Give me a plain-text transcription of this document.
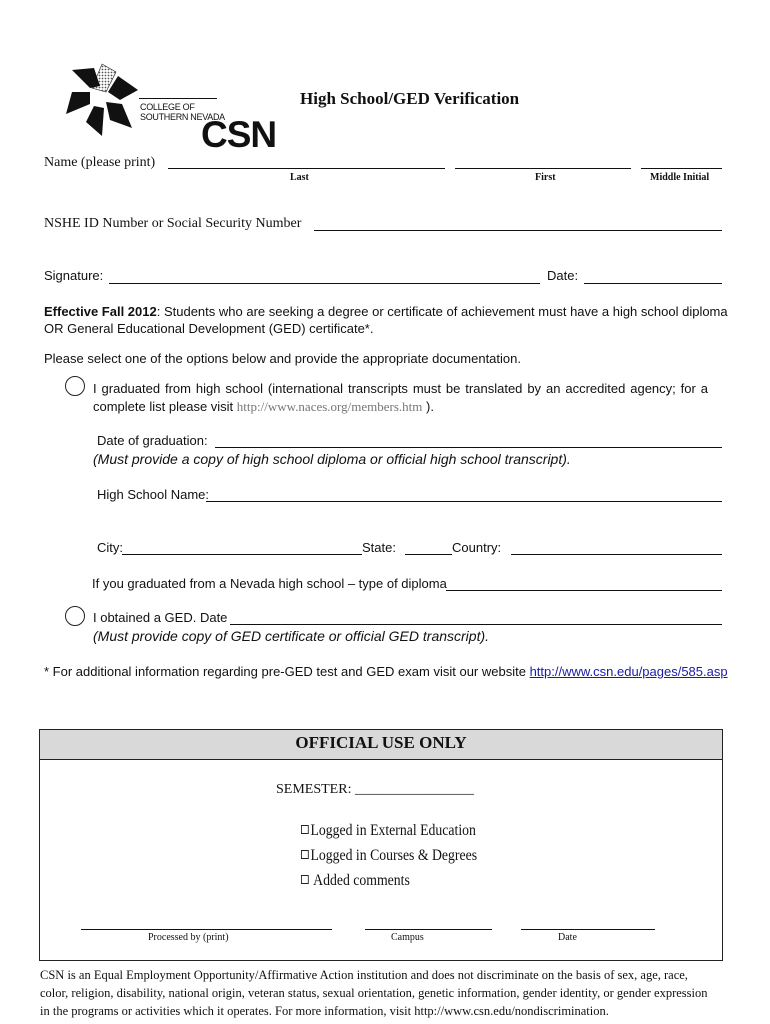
CSN
COLLEGE OF
SOUTHERN NEVADA
High School/GED Verification
Name (please print)
Last	First	Middle Initial
NSHE ID Number or Social Security Number
Signature:	Date:
Effective Fall 2012: Students who are seeking a degree or certificate of achievement must have a high school diploma
OR General Educational Development (GED) certificate*.
Please select one of the options below and provide the appropriate documentation.
I graduated from high school (international transcripts must be translated by an accredited agency; for a
complete list please visit http://www.naces.org/members.htm ).
Date of graduation:
(Must provide a copy of high school diploma or official high school transcript).
High School Name:
City:	State:	Country:
If you graduated from a Nevada high school – type of diploma
I obtained a GED. Date
(Must provide copy of GED certificate or official GED transcript).
* For additional information regarding pre-GED test and GED exam visit our website http://www.csn.edu/pages/585.asp
OFFICIAL USE ONLY
SEMESTER: _________________
Logged in External Education
Logged in Courses & Degrees
Added comments
Processed by (print)	Campus	Date
CSN is an Equal Employment Opportunity/Affirmative Action institution and does not discriminate on the basis of sex, age, race,
color, religion, disability, national origin, veteran status, sexual orientation, genetic information, gender identity, or gender expression
in the programs or activities which it operates. For more information, visit http://www.csn.edu/nondiscrimination.
